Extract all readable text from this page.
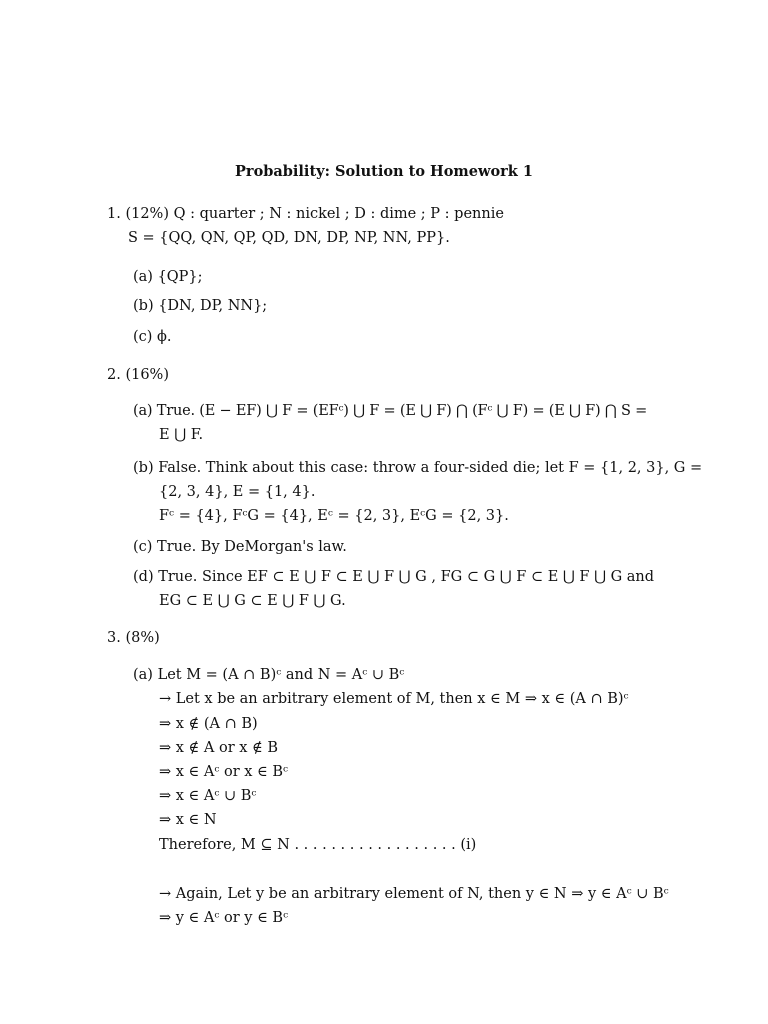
Probability: Solution to Homework 1
1. (12%) Q : quarter ; N : nickel ; D : dime ; P : pennie
S = {QQ, QN, QP, QD, DN, DP, NP, NN, PP}.
(a) {QP};
(b) {DN, DP, NN};
(c) ϕ.
2. (16%)
(a) True. (E − EF) ⋃ F = (EFᶜ) ⋃ F = (E ⋃ F) ⋂ (Fᶜ ⋃ F) = (E ⋃ F) ⋂ S =
E ⋃ F.
(b) False. Think about this case: throw a four-sided die; let F = {1, 2, 3}, G =
{2, 3, 4}, E = {1, 4}.
Fᶜ = {4}, FᶜG = {4}, Eᶜ = {2, 3}, EᶜG = {2, 3}.
(c) True. By DeMorgan's law.
(d) True. Since EF ⊂ E ⋃ F ⊂ E ⋃ F ⋃ G , FG ⊂ G ⋃ F ⊂ E ⋃ F ⋃ G and
EG ⊂ E ⋃ G ⊂ E ⋃ F ⋃ G.
3. (8%)
(a) Let M = (A ∩ B)ᶜ and N = Aᶜ ∪ Bᶜ
→ Let x be an arbitrary element of M, then x ∈ M ⇒ x ∈ (A ∩ B)ᶜ
⇒ x ∉ (A ∩ B)
⇒ x ∉ A or x ∉ B
⇒ x ∈ Aᶜ or x ∈ Bᶜ
⇒ x ∈ Aᶜ ∪ Bᶜ
⇒ x ∈ N
Therefore, M ⊆ N . . . . . . . . . . . . . . . . . . (i)
→ Again, Let y be an arbitrary element of N, then y ∈ N ⇒ y ∈ Aᶜ ∪ Bᶜ
⇒ y ∈ Aᶜ or y ∈ Bᶜ
